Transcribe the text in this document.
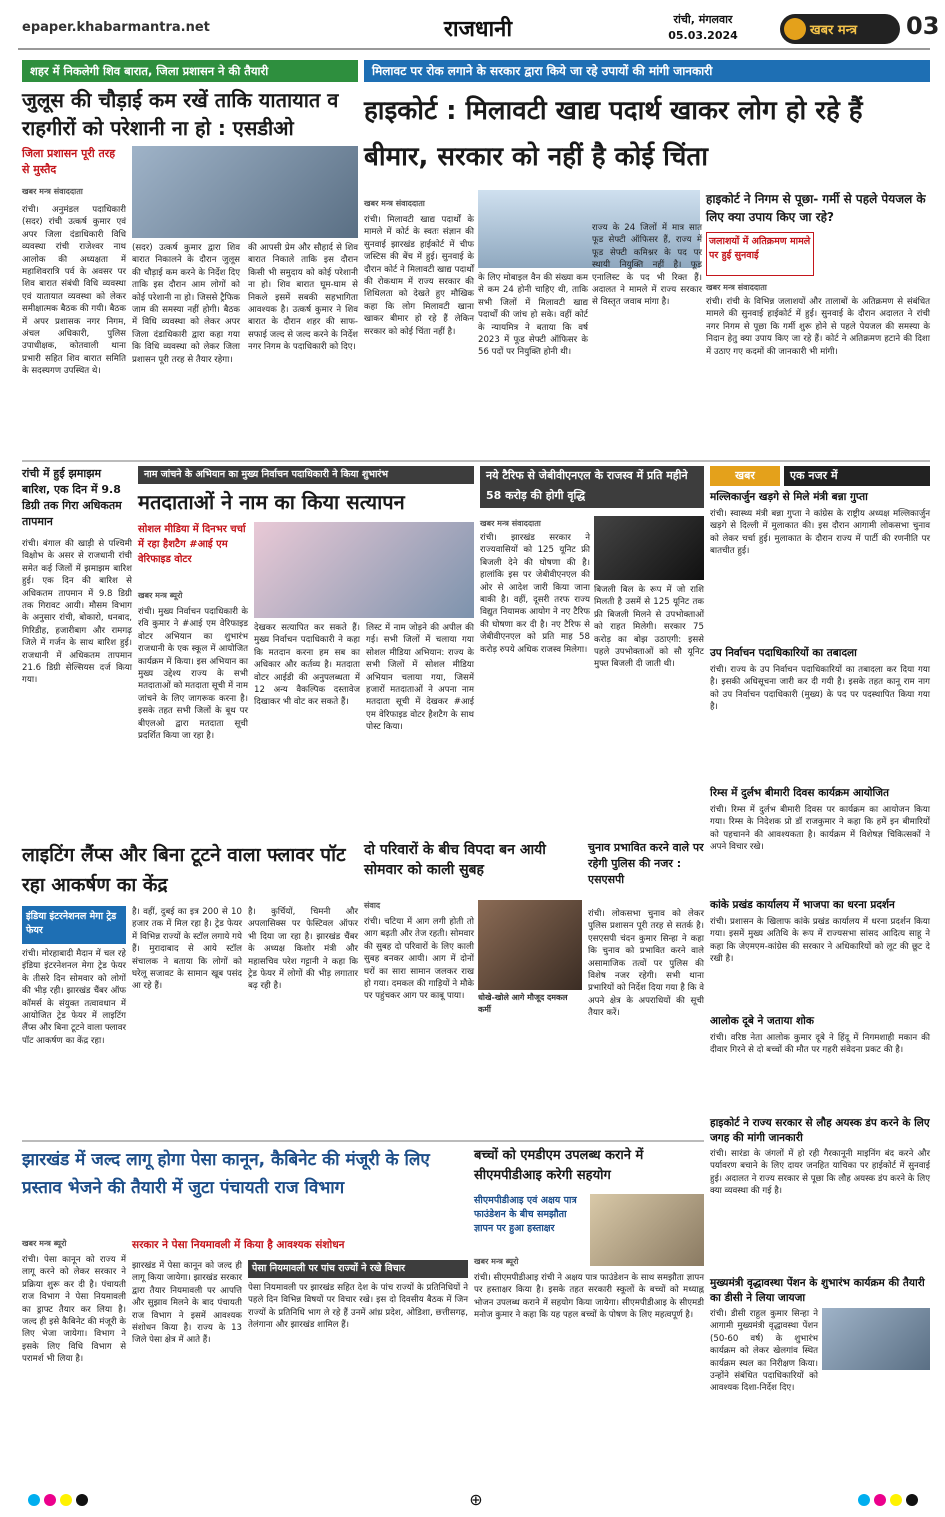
epaper.khabarmantra.net	राजधानी	रांची, मंगलवार
05.03.2024	खबर मन्त्र	03
शहर में निकलेगी शिव बारात, जिला प्रशासन ने की तैयारी
जुलूस की चौड़ाई कम रखें ताकि यातायात व राहगीरों को परेशानी ना हो : एसडीओ
जिला प्रशासन पूरी तरह से मुस्तैद
खबर मन्त्र संवाददाता
रांची। अनुमंडल पदाधिकारी (सदर) रांची उत्कर्ष कुमार एवं अपर जिला दंडाधिकारी विधि व्यवस्था रांची राजेश्वर नाथ आलोक की अध्यक्षता में महाशिवरात्रि पर्व के अवसर पर शिव बारात संबंधी विधि व्यवस्था एवं यातायात व्यवस्था को लेकर समीक्षात्मक बैठक की गयी। बैठक में अपर प्रशासक नगर निगम, अंचल अधिकारी, पुलिस उपाधीक्षक, कोतवाली थाना प्रभारी सहित शिव बारात समिति के सदस्यगण उपस्थित थे।
(सदर) उत्कर्ष कुमार द्वारा शिव बारात निकालने के दौरान जुलूस की चौड़ाई कम करने के निर्देश दिए ताकि इस दौरान आम लोगों को कोई परेशानी ना हो। जिससे ट्रैफिक जाम की समस्या नहीं होगी। बैठक में विधि व्यवस्था को लेकर अपर जिला दंडाधिकारी द्वारा कहा गया कि विधि व्यवस्था को लेकर जिला प्रशासन पूरी तरह से तैयार रहेगा।
की आपसी प्रेम और सौहार्द से शिव बारात निकाले ताकि इस दौरान किसी भी समुदाय को कोई परेशानी ना हो। शिव बारात घूम-घाम से निकले इसमें सबकी सहभागिता आवश्यक है। उत्कर्ष कुमार ने शिव बारात के दौरान शहर की साफ-सफाई जल्द से जल्द करने के निर्देश नगर निगम के पदाधिकारी को दिए।
मिलावट पर रोक लगाने के सरकार द्वारा किये जा रहे उपायों की मांगी जानकारी
हाइकोर्ट : मिलावटी खाद्य पदार्थ खाकर लोग हो रहे हैं बीमार, सरकार को नहीं है कोई चिंता
खबर मन्त्र संवाददाता
रांची। मिलावटी खाद्य पदार्थों के मामले में कोर्ट के स्वतः संज्ञान की सुनवाई झारखंड हाईकोर्ट में चीफ जस्टिस की बेंच में हुई। सुनवाई के दौरान कोर्ट ने मिलावटी खाद्य पदार्थों की रोकथाम में राज्य सरकार की शिथिलता को देखते हुए मौखिक कहा कि लोग मिलावटी खाना खाकर बीमार हो रहे हैं लेकिन सरकार को कोई चिंता नहीं है।
के लिए मोबाइल वैन की संख्या कम से कम 24 होनी चाहिए थी, ताकि सभी जिलों में मिलावटी खाद्य पदार्थों की जांच हो सके। वहीं कोर्ट के न्यायमित्र ने बताया कि वर्ष 2023 में फूड सेफ्टी ऑफिसर के 56 पदों पर नियुक्ति होनी थी।
राज्य के 24 जिलों में मात्र सात फूड सेफ्टी ऑफिसर हैं, राज्य में फूड सेफ्टी कमिश्नर के पद पर स्थायी नियुक्ति नहीं है। फूड एनालिस्ट के पद भी रिक्त हैं। अदालत ने मामले में राज्य सरकार से विस्तृत जवाब मांगा है।
हाइकोर्ट ने निगम से पूछा- गर्मी से पहले पेयजल के लिए क्या उपाय किए जा रहे?
जलाशयों में अतिक्रमण मामले पर हुई सुनवाई
खबर मन्त्र संवाददाता
रांची। रांची के विभिन्न जलाशयों और तालाबों के अतिक्रमण से संबंधित मामले की सुनवाई हाईकोर्ट में हुई। सुनवाई के दौरान अदालत ने रांची नगर निगम से पूछा कि गर्मी शुरू होने से पहले पेयजल की समस्या के निदान हेतु क्या उपाय किए जा रहे हैं। कोर्ट ने अतिक्रमण हटाने की दिशा में उठाए गए कदमों की जानकारी भी मांगी।
रांची में हुई झमाझम बारिश, एक दिन में 9.8 डिग्री तक गिरा अधिकतम तापमान
रांची। बंगाल की खाड़ी से पश्चिमी विक्षोभ के असर से राजधानी रांची समेत कई जिलों में झमाझम बारिश हुई। एक दिन की बारिश से अधिकतम तापमान में 9.8 डिग्री तक गिरावट आयी। मौसम विभाग के अनुसार रांची, बोकारो, धनबाद, गिरिडीह, हजारीबाग और रामगढ़ जिले में गर्जन के साथ बारिश हुई। राजधानी में अधिकतम तापमान 21.6 डिग्री सेल्सियस दर्ज किया गया।
नाम जांचने के अभियान का मुख्य निर्वाचन पदाधिकारी ने किया शुभारंभ
मतदाताओं ने नाम का किया सत्यापन
सोशल मीडिया में दिनभर चर्चा में रहा हैशटैग #आई एम वेरिफाइड वोटर
खबर मन्त्र ब्यूरो
रांची। मुख्य निर्वाचन पदाधिकारी के रवि कुमार ने #आई एम वेरिफाइड वोटर अभियान का शुभारंभ राजधानी के एक स्कूल में आयोजित कार्यक्रम में किया। इस अभियान का मुख्य उद्देश्य राज्य के सभी मतदाताओं को मतदाता सूची में नाम जांचने के लिए जागरूक करना है। इसके तहत सभी जिलों के बूथ पर बीएलओ द्वारा मतदाता सूची प्रदर्शित किया जा रहा है।
देखकर सत्यापित कर सकते हैं। मुख्य निर्वाचन पदाधिकारी ने कहा कि मतदान करना हम सब का अधिकार और कर्तव्य है। मतदाता वोटर आईडी की अनुपलब्धता में 12 अन्य वैकल्पिक दस्तावेज दिखाकर भी वोट कर सकते हैं।
लिस्ट में नाम जोड़ने की अपील की गई। सभी जिलों में चलाया गया सोशल मीडिया अभियान: राज्य के सभी जिलों में सोशल मीडिया अभियान चलाया गया, जिसमें हजारों मतदाताओं ने अपना नाम मतदाता सूची में देखकर #आई एम वेरिफाइड वोटर हैशटैग के साथ पोस्ट किया।
नये टैरिफ से जेबीवीएनएल के राजस्व में प्रति महीने 58 करोड़ की होगी वृद्धि
खबर मन्त्र संवाददाता
रांची। झारखंड सरकार ने राज्यवासियों को 125 यूनिट फ्री बिजली देने की घोषणा की है। हालांकि इस पर जेबीवीएनएल की ओर से आदेश जारी किया जाना बाकी है। वहीं, दूसरी तरफ राज्य विद्युत नियामक आयोग ने नए टैरिफ की घोषणा कर दी है। नए टैरिफ से जेबीवीएनएल को प्रति माह 58 करोड़ रुपये अधिक राजस्व मिलेगा।
बिजली बिल के रूप में जो राशि मिलती है उसमें से 125 यूनिट तक फ्री बिजली मिलने से उपभोक्ताओं को राहत मिलेगी। सरकार 75 करोड़ का बोझ उठाएगी: इससे पहले उपभोक्ताओं को सौ यूनिट मुफ्त बिजली दी जाती थी।
खबर	एक नजर में
मल्लिकार्जुन खड़गे से मिले मंत्री बन्ना गुप्ता
रांची। स्वास्थ्य मंत्री बन्ना गुप्ता ने कांग्रेस के राष्ट्रीय अध्यक्ष मल्लिकार्जुन खड़गे से दिल्ली में मुलाकात की। इस दौरान आगामी लोकसभा चुनाव को लेकर चर्चा हुई। मुलाकात के दौरान राज्य में पार्टी की रणनीति पर बातचीत हुई।
उप निर्वाचन पदाधिकारियों का तबादला
रांची। राज्य के उप निर्वाचन पदाधिकारियों का तबादला कर दिया गया है। इसकी अधिसूचना जारी कर दी गयी है। इसके तहत कानू राम नाग को उप निर्वाचन पदाधिकारी (मुख्य) के पद पर पदस्थापित किया गया है।
रिम्स में दुर्लभ बीमारी दिवस कार्यक्रम आयोजित
रांची। रिम्स में दुर्लभ बीमारी दिवस पर कार्यक्रम का आयोजन किया गया। रिम्स के निदेशक प्रो डॉ राजकुमार ने कहा कि हमें इन बीमारियों को पहचानने की आवश्यकता है। कार्यक्रम में विशेषज्ञ चिकित्सकों ने अपने विचार रखे।
कांके प्रखंड कार्यालय में भाजपा का धरना प्रदर्शन
रांची। प्रशासन के खिलाफ कांके प्रखंड कार्यालय में धरना प्रदर्शन किया गया। इसमें मुख्य अतिथि के रूप में राज्यसभा सांसद आदित्य साहू ने कहा कि जेएमएम-कांग्रेस की सरकार ने अधिकारियों को लूट की छूट दे रखी है।
आलोक दूबे ने जताया शोक
रांची। वरिष्ठ नेता आलोक कुमार दूबे ने हिंदू में निगमशाही मकान की दीवार गिरने से दो बच्चों की मौत पर गहरी संवेदना प्रकट की है।
हाइकोर्ट ने राज्य सरकार से लौह अयस्क डंप करने के लिए जगह की मांगी जानकारी
रांची। सारंडा के जंगलों में हो रही गैरकानूनी माइनिंग बंद करने और पर्यावरण बचाने के लिए दायर जनहित याचिका पर हाईकोर्ट में सुनवाई हुई। अदालत ने राज्य सरकार से पूछा कि लौह अयस्क डंप करने के लिए क्या व्यवस्था की गई है।
मुख्यमंत्री वृद्धावस्था पेंशन के शुभारंभ कार्यक्रम की तैयारी का डीसी ने लिया जायजा
रांची। डीसी राहुल कुमार सिन्हा ने आगामी मुख्यमंत्री वृद्धावस्था पेंशन (50-60 वर्ष) के शुभारंभ कार्यक्रम को लेकर खेलगांव स्थित कार्यक्रम स्थल का निरीक्षण किया। उन्होंने संबंधित पदाधिकारियों को आवश्यक दिशा-निर्देश दिए।
लाइटिंग लैंप्स और बिना टूटने वाला फ्लावर पॉट रहा आकर्षण का केंद्र
इंडिया इंटरनेशनल मेगा ट्रेड फेयर
रांची। मोरहाबादी मैदान में चल रहे इंडिया इंटरनेशनल मेगा ट्रेड फेयर के तीसरे दिन सोमवार को लोगों की भीड़ रही। झारखंड चैंबर ऑफ कॉमर्स के संयुक्त तत्वावधान में आयोजित ट्रेड फेयर में लाइटिंग लैंप्स और बिना टूटने वाला फ्लावर पॉट आकर्षण का केंद्र रहा।
है। वहीं, दुबई का इत्र 200 से 10 हजार तक में मिल रहा है। ट्रेड फेयर में विभिन्न राज्यों के स्टॉल लगाये गये हैं। मुरादाबाद से आये स्टॉल संचालक ने बताया कि लोगों को घरेलू सजावट के सामान खूब पसंद आ रहे हैं।
है। कुर्चियों, चिमनी और अपलासिक्स पर फेस्टिवल ऑफर भी दिया जा रहा है। झारखंड चैंबर के अध्यक्ष किशोर मंत्री और महासचिव परेश गट्टानी ने कहा कि ट्रेड फेयर में लोगों की भीड़ लगातार बढ़ रही है।
दो परिवारों के बीच विपदा बन आयी सोमवार को काली सुबह
संवाद
रांची। चटिया में आग लगी होती तो आग बढ़ती और तेज रहती। सोमवार की सुबह दो परिवारों के लिए काली सुबह बनकर आयी। आग में दोनों घरों का सारा सामान जलकर राख हो गया। दमकल की गाड़ियों ने मौके पर पहुंचकर आग पर काबू पाया।	धोखे-खोले आगे मौजूद दमकल कर्मी
चुनाव प्रभावित करने वाले पर रहेगी पुलिस की नजर : एसएसपी
रांची। लोकसभा चुनाव को लेकर पुलिस प्रशासन पूरी तरह से सतर्क है। एसएसपी चंदन कुमार सिन्हा ने कहा कि चुनाव को प्रभावित करने वाले असामाजिक तत्वों पर पुलिस की विशेष नजर रहेगी। सभी थाना प्रभारियों को निर्देश दिया गया है कि वे अपने क्षेत्र के अपराधियों की सूची तैयार करें।
झारखंड में जल्द लागू होगा पेसा कानून, कैबिनेट की मंजूरी के लिए प्रस्ताव भेजने की तैयारी में जुटा पंचायती राज विभाग
खबर मन्त्र ब्यूरो
रांची। पेसा कानून को राज्य में लागू करने को लेकर सरकार ने प्रक्रिया शुरू कर दी है। पंचायती राज विभाग ने पेसा नियमावली का ड्राफ्ट तैयार कर लिया है। जल्द ही इसे कैबिनेट की मंजूरी के लिए भेजा जायेगा। विभाग ने इसके लिए विधि विभाग से परामर्श भी लिया है।
सरकार ने पेसा नियमावली में किया है आवश्यक संशोधन
झारखंड में पेसा कानून को जल्द ही लागू किया जायेगा। झारखंड सरकार द्वारा तैयार नियमावली पर आपत्ति और सुझाव मिलने के बाद पंचायती राज विभाग ने इसमें आवश्यक संशोधन किया है। राज्य के 13 जिले पेसा क्षेत्र में आते हैं।
पेसा नियमावली पर पांच राज्यों ने रखे विचार
पेसा नियमावली पर झारखंड सहित देश के पांच राज्यों के प्रतिनिधियों ने पहले दिन विभिन्न विषयों पर विचार रखे। इस दो दिवसीय बैठक में जिन राज्यों के प्रतिनिधि भाग ले रहे हैं उनमें आंध्र प्रदेश, ओडिशा, छत्तीसगढ़, तेलंगाना और झारखंड शामिल हैं।
बच्चों को एमडीएम उपलब्ध कराने में सीएमपीडीआइ करेगी सहयोग
सीएमपीडीआइ एवं अक्षय पात्र फाउंडेशन के बीच समझौता ज्ञापन पर हुआ हस्ताक्षर
खबर मन्त्र ब्यूरो
रांची। सीएमपीडीआइ रांची ने अक्षय पात्र फाउंडेशन के साथ समझौता ज्ञापन पर हस्ताक्षर किया है। इसके तहत सरकारी स्कूलों के बच्चों को मध्याह्न भोजन उपलब्ध कराने में सहयोग किया जायेगा। सीएमपीडीआइ के सीएमडी मनोज कुमार ने कहा कि यह पहल बच्चों के पोषण के लिए महत्वपूर्ण है।
⊕
